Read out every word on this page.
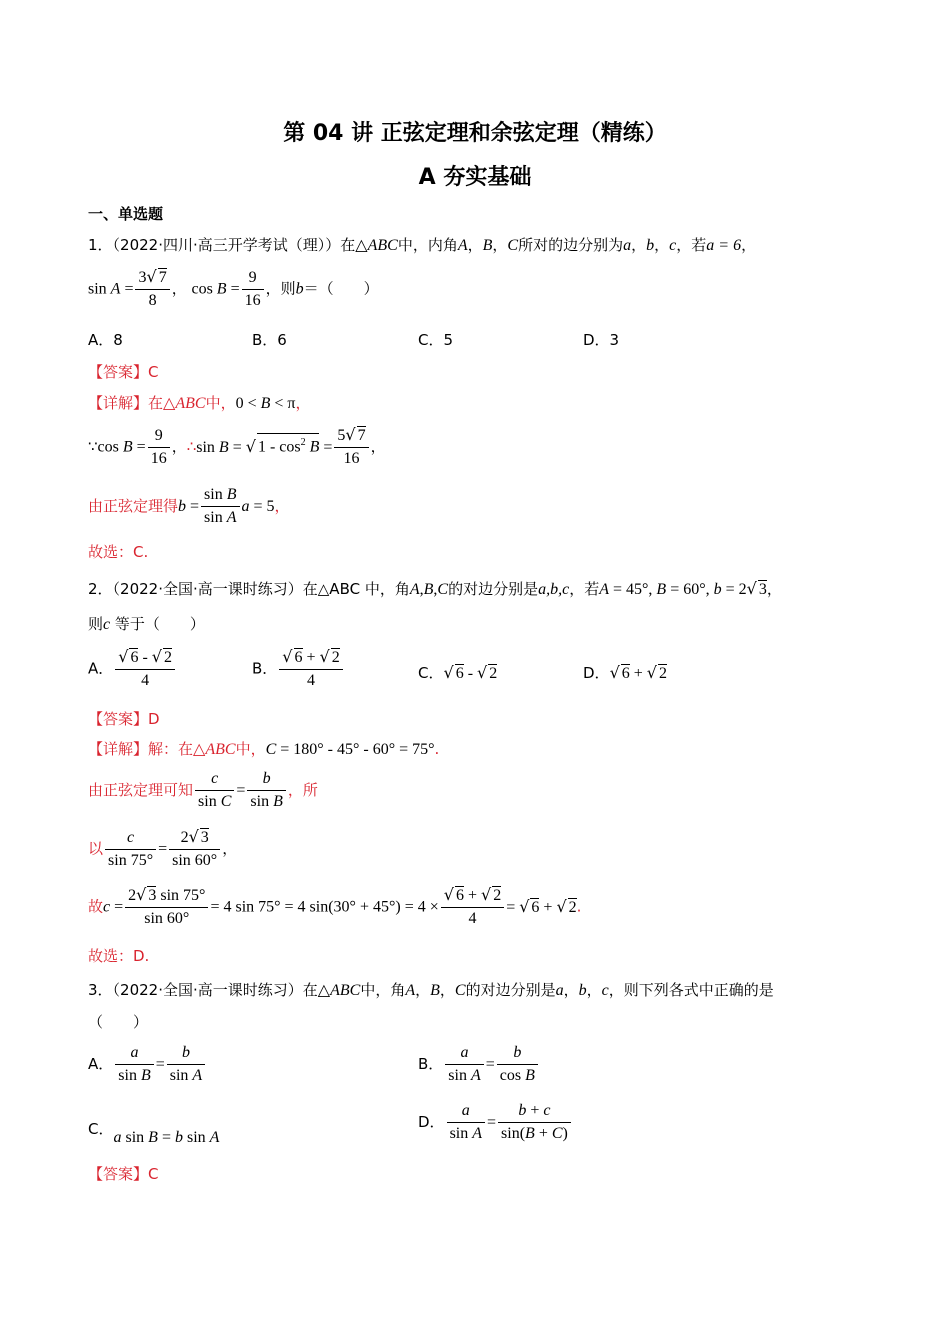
第 04 讲 正弦定理和余弦定理（精练）
A 夯实基础
一、单选题
1．（2022·四川·高三开学考试（理））在△ABC中，内角A，B，C所对的边分别为a，b，c，若a = 6，
$\sin A = \frac{3√ 7}{8}$ ， $\cos B = \frac{9}{16}$ ，则b＝（　　）
A．8	B．6	C．5	D．3
【答案】C
【详解】在△ABC中，0 < B < π，
∵cos $B = \frac{9}{16}$ ，∴sin B = √ $1 - \cos^2 B = \frac{5√ 7}{16}$ ，
由正弦定理得$b = \frac{\text{sin B}}{\text{sin A}}$ a = 5，
故选：C.
2．（2022·全国·高一课时练习）在△ABC 中，角A,B,C的对边分别是a,b,c，若A = 45°, B = 60°, b = 2√ 3，
则c 等于（　　）
A． $\frac{√ 6 - √ 2}{4}$	B． $\frac{√ 6 + √ 2}{4}$	C．√ 6 - √ 2	D．√ 6 + √ 2
【答案】D
【详解】解：在△ABC中，C = 180° - 45° - 60° = 75°.
由正弦定理可知 $\frac{c}{\text{sin C}} = \frac{b}{\text{sin B}}$ ，所
以 $\frac{c}{\sin 75^\circ} = \frac{2√ 3}{\sin 60^\circ}$ ，
故$c = \frac{2√ 3 \sin 75^\circ}{\sin 60^\circ} = 4$ sin 75° = 4 $\sin(30^\circ + 45^\circ) = 4 \times \frac{√ 6 + √ 2}{4}$ = √ 6 + √ 2.
故选：D.
3．（2022·全国·高一课时练习）在△ABC中，角A，B，C的对边分别是a，b，c，则下列各式中正确的是
（　　）
A． $\frac{a}{\text{sin B}} = \frac{b}{\text{sin A}}$	B． $\frac{a}{\text{sin A}} = \frac{b}{\text{cos B}}$
C．a sin B = b sin A
D． $\frac{a}{\text{sin A}} = \frac{b + c}{\sin(B + C)}$
【答案】C
